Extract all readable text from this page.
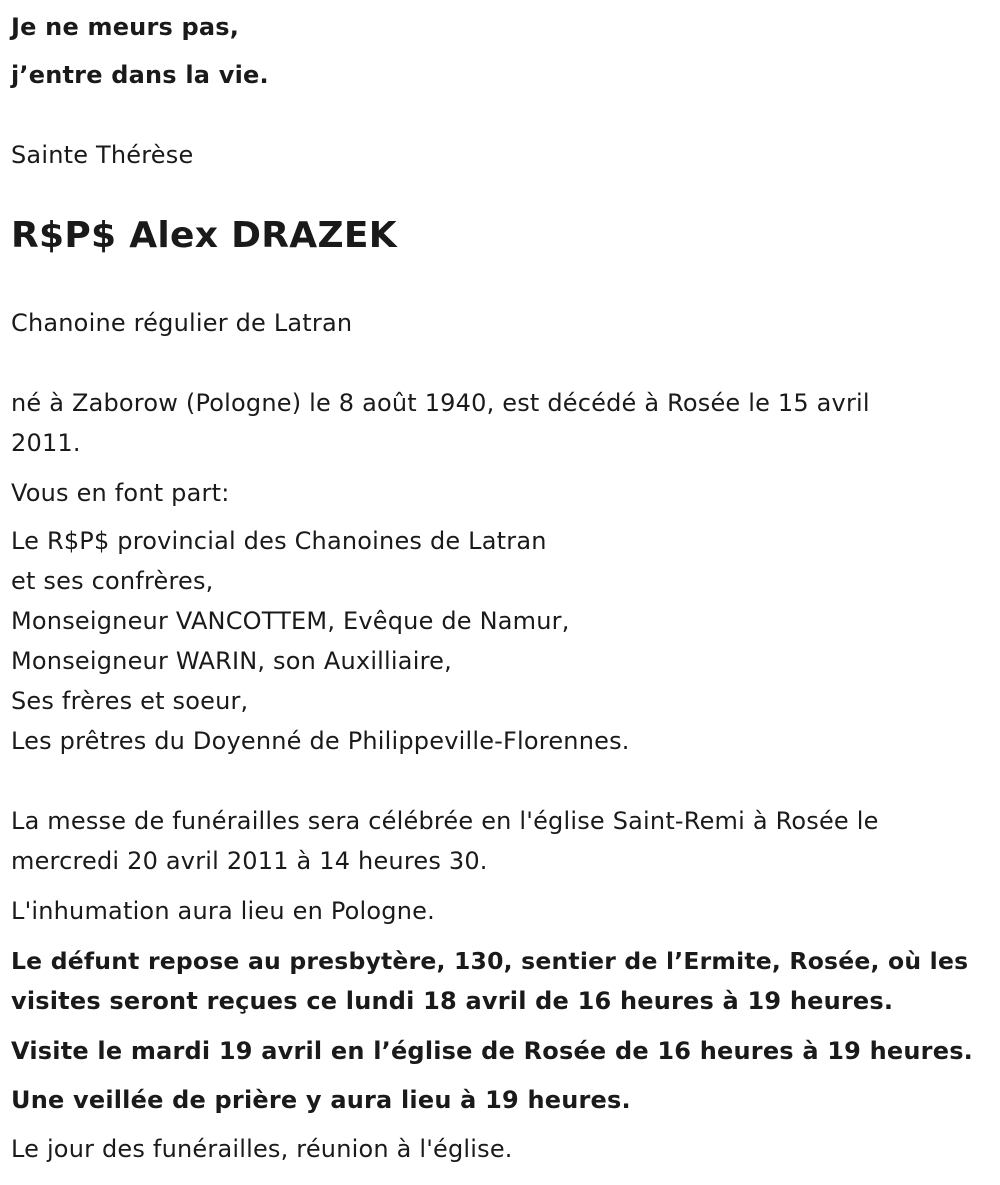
Je ne meurs pas,
j’entre dans la vie.
Sainte Thérèse
R$P$ Alex DRAZEK
Chanoine régulier de Latran
né à Zaborow (Pologne) le 8 août 1940, est décédé à Rosée le 15 avril
2011.
Vous en font part:
Le R$P$ provincial des Chanoines de Latran
et ses confrères,
Monseigneur VANCOTTEM, Evêque de Namur,
Monseigneur WARIN, son Auxilliaire,
Ses frères et soeur,
Les prêtres du Doyenné de Philippeville-Florennes.
La messe de funérailles sera célébrée en l'église Saint-Remi à Rosée le
mercredi 20 avril 2011 à 14 heures 30.
L'inhumation aura lieu en Pologne.
Le défunt repose au presbytère, 130, sentier de l’Ermite, Rosée, où les
visites seront reçues ce lundi 18 avril de 16 heures à 19 heures.
Visite le mardi 19 avril en l’église de Rosée de 16 heures à 19 heures.
Une veillée de prière y aura lieu à 19 heures.
Le jour des funérailles, réunion à l'église.
